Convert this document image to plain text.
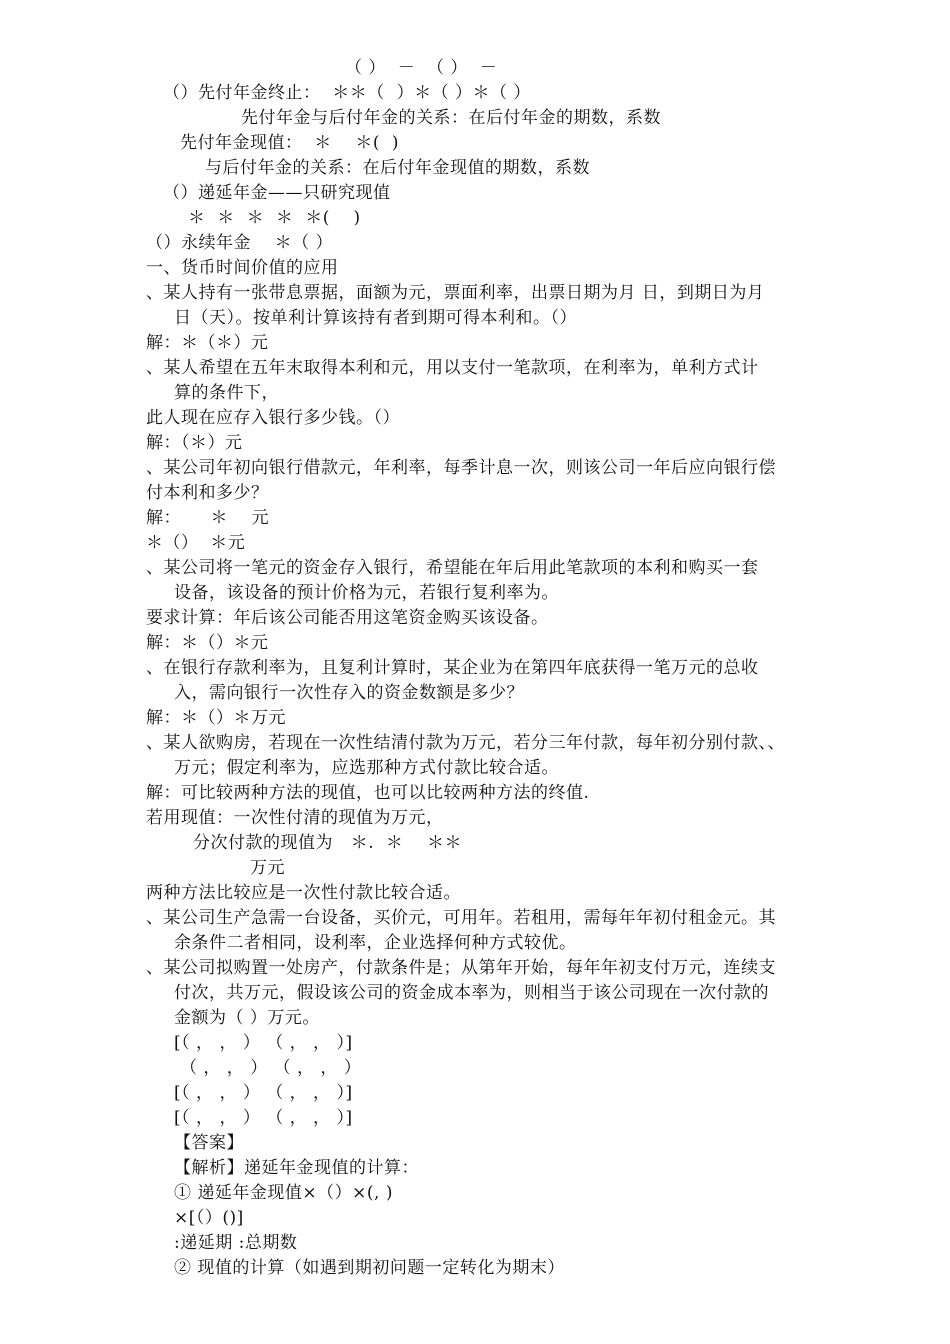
（ ）  －  （ ）  －
（）先付年金终止：  ＊＊（  ）＊（ ）＊（ ）
先付年金与后付年金的关系：在后付年金的期数，系数
先付年金现值：  ＊    ＊(  )
与后付年金的关系：在后付年金现值的期数，系数
（）递延年金——只研究现值
＊  ＊  ＊  ＊  ＊(    )
（）永续年金    ＊（ ）
一、货币时间价值的应用
、某人持有一张带息票据，面额为元，票面利率，出票日期为月 日，到期日为月
日（天）。按单利计算该持有者到期可得本利和。（）
解：＊（＊）元
、某人希望在五年末取得本利和元，用以支付一笔款项，在利率为，单利方式计
算的条件下，
此人现在应存入银行多少钱。（）
解：（＊）元
、某公司年初向银行借款元，年利率，每季计息一次，则该公司一年后应向银行偿
付本利和多少？
解：     ＊    元
＊（）  ＊元
、某公司将一笔元的资金存入银行，希望能在年后用此笔款项的本利和购买一套
设备，该设备的预计价格为元，若银行复利率为。
要求计算：年后该公司能否用这笔资金购买该设备。
解：＊（）＊元
、在银行存款利率为，且复利计算时，某企业为在第四年底获得一笔万元的总收
入，需向银行一次性存入的资金数额是多少？
解：＊（）＊万元
、某人欲购房，若现在一次性结清付款为万元，若分三年付款，每年初分别付款、、
万元；假定利率为，应选那种方式付款比较合适。
解：可比较两种方法的现值，也可以比较两种方法的终值.
若用现值：一次性付清的现值为万元，
分次付款的现值为   ＊.  ＊    ＊＊
万元
两种方法比较应是一次性付款比较合适。
、某公司生产急需一台设备，买价元，可用年。若租用，需每年年初付租金元。其
余条件二者相同，设利率，企业选择何种方式较优。
、某公司拟购置一处房产，付款条件是；从第年开始，每年年初支付万元，连续支
付次，共万元，假设该公司的资金成本率为，则相当于该公司现在一次付款的
金额为（ ）万元。
[（ ， ， ） （ ， ， ）]
（ ， ， ） （ ， ， ）
[（ ， ， ） （ ， ， ）]
[（ ， ， ） （ ， ， ）]
【答案】
【解析】递延年金现值的计算：
① 递延年金现值×（）×(, )
×[（）()]
:递延期 :总期数
② 现值的计算（如遇到期初问题一定转化为期末）
